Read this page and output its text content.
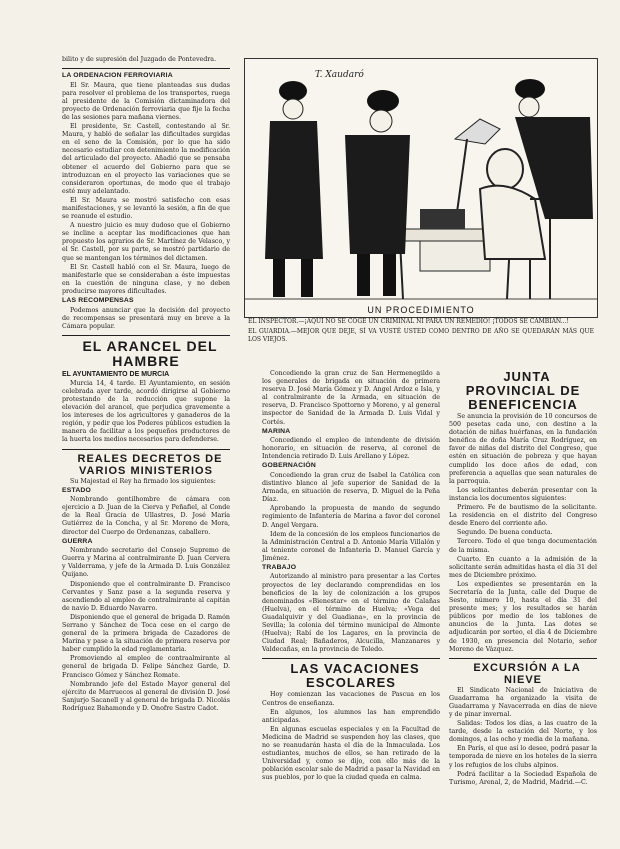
bilito y de supresión del Juzgado de Pontevedra.

LA ORDENACION FERROVIARIA

El Sr. Maura, que tiene planteadas sus dudas para resolver el problema de los transportes, ruega al presidente de la Comisión dictaminadora del proyecto de Ordenación ferroviaria que fije la fecha de las sesiones para mañana viernes.

El presidente, Sr. Castell, contestando al Sr. Maura, y habló de señalar las dificultades surgidas en el seno de la Comisión, por lo que ha sido necesario estudiar con detenimiento la modificación del articulado del proyecto. Añadió que se pensaba obtener el acuerdo del Gobierno para que se introduzcan en el proyecto las variaciones que se consideraron oportunas, de modo que el trabajo esté muy adelantado.

El Sr. Maura se mostró satisfecho con esas manifestaciones, y se levantó la sesión, a fin de que se reanude el estudio.

A nuestro juicio es muy dudoso que el Gobierno se incline a aceptar las modificaciones que han propuesto los agrarios de Sr. Martínez de Velasco, y el Sr. Castell, por su parte, se mostró partidario de que se mantengan los términos del dictamen.

El Sr. Castell habló con el Sr. Maura, luego de manifestarle que se consideraban a éste impuestas en la cuestión de ninguna clase, y no deben producirse mayores dificultades.

LAS RECOMPENSAS

Podemos anunciar que la decisión del proyecto de recompensas se presentará muy en breve a la Cámara popular.

EL ARANCEL DEL HAMBRE

EL AYUNTAMIENTO DE MURCIA

Murcia 14, 4 tarde. El Ayuntamiento, en sesión celebrada ayer tarde, acordó dirigirse al Gobierno protestando de la reducción que supone la elevación del arancel, que perjudica gravemente a los intereses de los agricultores y ganaderos de la región, y pedir que los Poderes públicos estudien la manera de facilitar a los pequeños productores de la huerta los medios necesarios para defenderse.

REALES DECRETOS DE VARIOS MINISTERIOS

Su Majestad el Rey ha firmado los siguientes:

ESTADO

Nombrando gentilhombre de cámara con ejercicio a D. Juan de la Cierva y Peñafiel, al Conde de la Real Gracia de Ullastres, D. José María Gutiérrez de la Concha, y al Sr. Moreno de Mora, director del Cuerpo de Ordenanzas, caballero.

GUERRA

Nombrando secretario del Consejo Supremo de Guerra y Marina al contralmirante D. Juan Cervera y Valderrama, y jefe de la Armada D. Luis González Quijano.

Disponiendo que el contralmirante D. Francisco Cervantes y Sanz pase a la segunda reserva y ascendiendo al empleo de contralmirante al capitán de navío D. Eduardo Navarro.

Disponiendo que el general de brigada D. Ramón Serrano y Sánchez de Toca cese en el cargo de general de la primera brigada de Cazadores de Marina y pase a la situación de primera reserva por haber cumplido la edad reglamentaria.

Promoviendo al empleo de contraalmirante al general de brigada D. Felipe Sánchez Garde, D. Francisco Gómez y Sánchez Romate.

Nombrando jefe del Estado Mayor general del ejército de Marruecos al general de división D. José Sanjurjo Sacanell y al general de brigada D. Nicolás Rodríguez Bahamonde y D. Onofre Sastre Cadot.

T. Xaudaró
UN PROCEDIMIENTO

EL INSPECTOR.—¡AQUÍ NO SE COGE UN CRIMINAL NI PARA UN REMEDIO! ¡TODOS SE CAMBIAN...!

EL GUARDIA.—MEJOR QUE DEJE, SÍ VA VUSTÉ USTED COMO DENTRO DE AÑO SE QUEDARÁN MÁS QUE LOS VIEJOS.

Concediendo la gran cruz de San Hermenegildo a los generales de brigada en situación de primera reserva D. José María Gómez y D. Angel Ardoz e Isla, y al contralmirante de la Armada, en situación de reserva, D. Francisco Spottorno y Moreno, y al general inspector de Sanidad de la Armada D. Luis Vidal y Cortés.

MARINA

Concediendo el empleo de intendente de división honorario, en situación de reserva, al coronel de Intendencia retirado D. Luis Arellano y López.

GOBERNACIÓN

Concediendo la gran cruz de Isabel la Católica con distintivo blanco al jefe superior de Sanidad de la Armada, en situación de reserva, D. Miguel de la Peña Díaz.

Aprobando la propuesta de mando de segundo regimiento de Infantería de Marina a favor del coronel D. Angel Vergara.

Idem de la concesión de los empleos funcionarios de la Administración Central a D. Antonio María Villalón y al teniente coronel de Infantería D. Manuel García y Jiménez.

TRABAJO

Autorizando al ministro para presentar a las Cortes proyectos de ley declarando comprendidas en los beneficios de la ley de colonización a los grupos denominados «Bienestar» en el término de Calañas (Huelva), en el término de Huelva; «Vega del Guadalquivir y del Guadiana», en la provincia de Sevilla; la colonia del término municipal de Almonte (Huelva); Rabí de los Lagares, en la provincia de Ciudad Real; Bañaderos, Alcucilla, Manzanares y Valdecañas, en la provincia de Toledo.

LAS VACACIONES ESCOLARES

Hoy comienzan las vacaciones de Pascua en los Centros de enseñanza.

En algunos, los alumnos las han emprendido anticipadas.

En algunas escuelas especiales y en la Facultad de Medicina de Madrid se suspenden hoy las clases, que no se reanudarán hasta el día de la Inmaculada. Los estudiantes, muchos de ellos, se han retirado de la Universidad y, como se dijo, con ello más de la población escolar sale de Madrid a pasar la Navidad en sus pueblos, por lo que la ciudad queda en calma.

JUNTA PROVINCIAL DE BENEFICENCIA

Se anuncia la provisión de 10 concursos de 500 pesetas cada uno, con destino a la dotación de niñas huérfanas, en la fundación benéfica de doña María Cruz Rodríguez, en favor de niñas del distrito del Congreso, que estén en situación de pobreza y que hayan cumplido los doce años de edad, con preferencia a aquellas que sean naturales de la parroquia.

Los solicitantes deberán presentar con la instancia los documentos siguientes:

Primero. Fe de bautismo de la solicitante. La residencia en el distrito del Congreso desde Enero del corriente año.

Segundo. De buena conducta.

Tercero. Todo el que tenga documentación de la misma.

Cuarto. En cuanto a la admisión de la solicitante serán admitidas hasta el día 31 del mes de Diciembre próximo.

Los expedientes se presentarán en la Secretaría de la Junta, calle del Duque de Sesto, número 10, hasta el día 31 del presente mes; y los resultados se harán públicos por medio de los tablones de anuncios de la Junta. Las dotes se adjudicarán por sorteo, el día 4 de Diciembre de 1930, en presencia del Notario, señor Moreno de Vázquez.

EXCURSIÓN A LA NIEVE

El Sindicato Nacional de Iniciativa de Guadarrama ha organizado la visita de Guadarrama y Navacerrada en días de nieve y de pinar invernal.

Salidas: Todos los días, a las cuatro de la tarde, desde la estación del Norte, y los domingos, a las ocho y media de la mañana.

En París, el que así lo desee, podrá pasar la temporada de nieve en los hoteles de la sierra y los refugios de los clubs alpinos.

Podrá facilitar a la Sociedad Española de Turismo, Arenal, 2, de Madrid, Madrid.—C.
